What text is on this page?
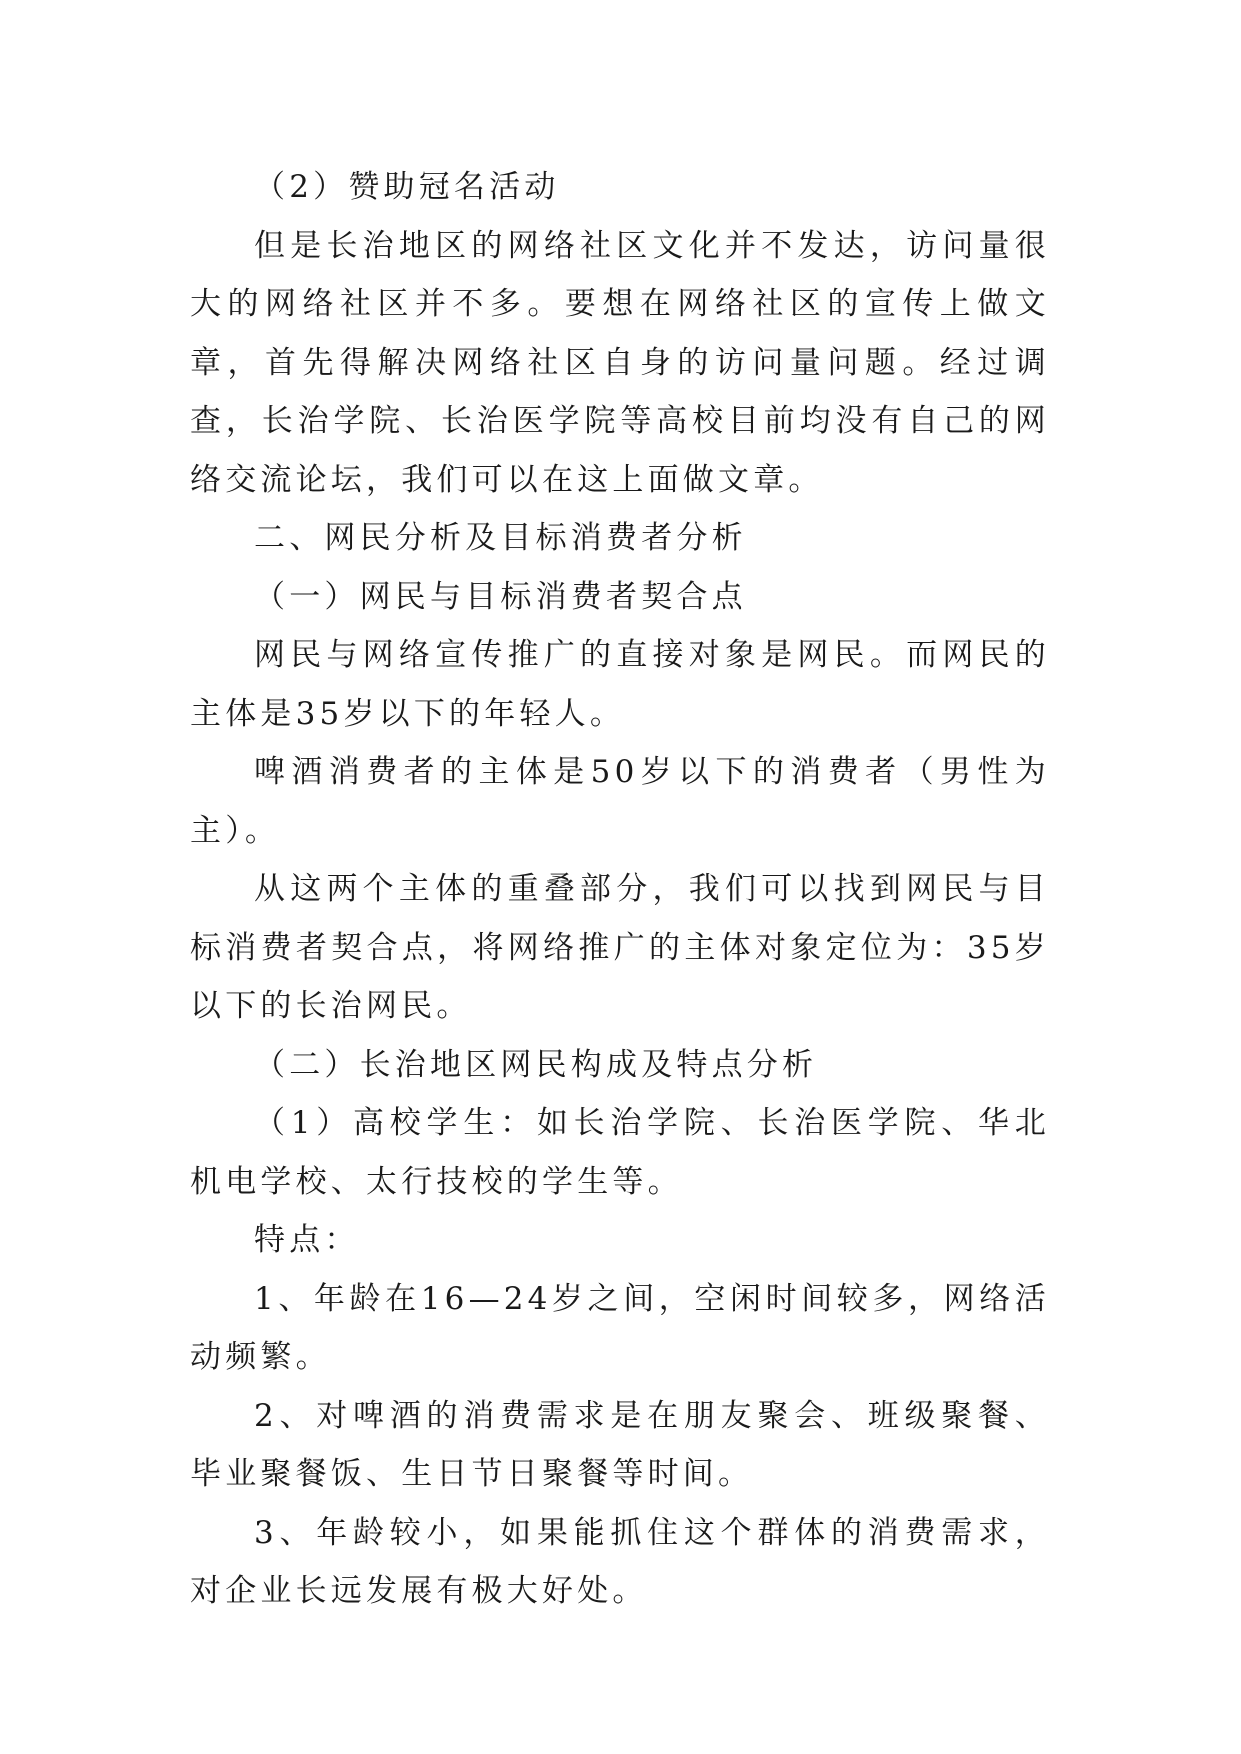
（2）赞助冠名活动

但是长治地区的网络社区文化并不发达，访问量很大的网络社区并不多。要想在网络社区的宣传上做文章，首先得解决网络社区自身的访问量问题。经过调查，长治学院、长治医学院等高校目前均没有自己的网络交流论坛，我们可以在这上面做文章。

二、网民分析及目标消费者分析

（一）网民与目标消费者契合点

网民与网络宣传推广的直接对象是网民。而网民的主体是35岁以下的年轻人。

啤酒消费者的主体是50岁以下的消费者（男性为主）。

从这两个主体的重叠部分，我们可以找到网民与目标消费者契合点，将网络推广的主体对象定位为：35岁以下的长治网民。

（二）长治地区网民构成及特点分析

（1）高校学生：如长治学院、长治医学院、华北机电学校、太行技校的学生等。

特点：

1、年龄在16—24岁之间，空闲时间较多，网络活动频繁。

2、对啤酒的消费需求是在朋友聚会、班级聚餐、毕业聚餐饭、生日节日聚餐等时间。

3、年龄较小，如果能抓住这个群体的消费需求，对企业长远发展有极大好处。
